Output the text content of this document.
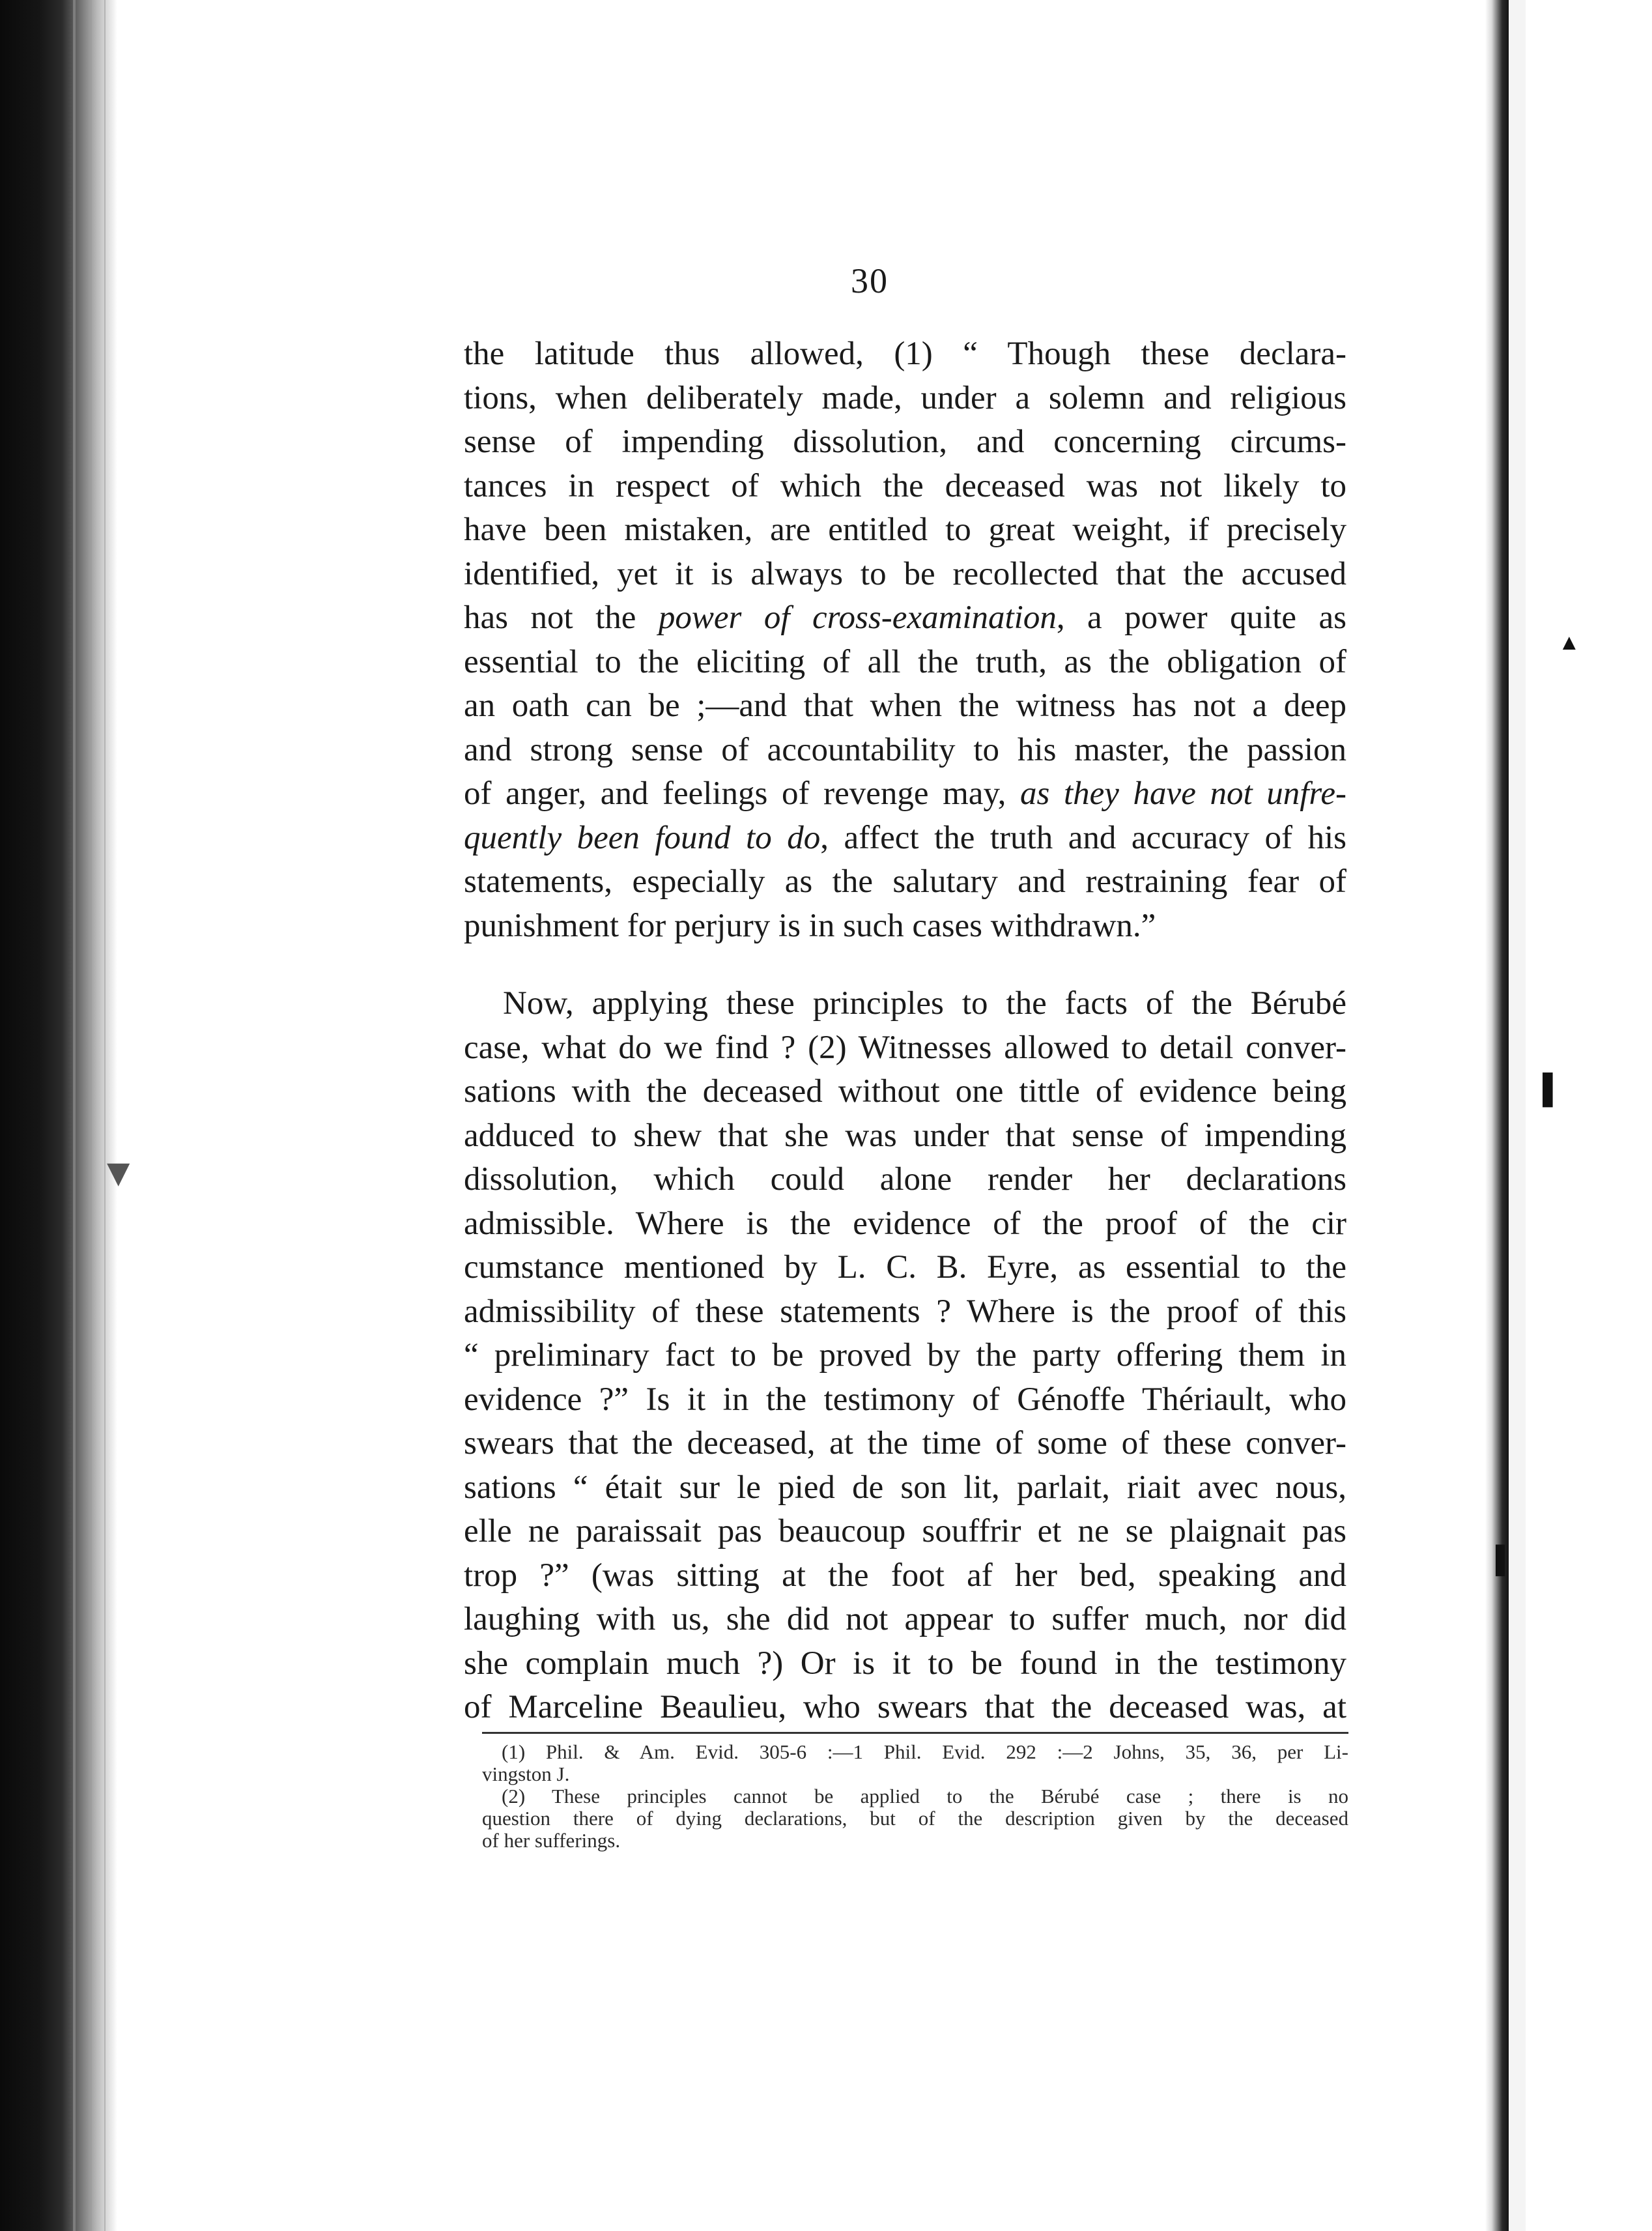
▲
▌
▌
▼
30

the latitude thus allowed, (1) “ Though these declara-
tions, when deliberately made, under a solemn and religious
sense of impending dissolution, and concerning circums-
tances in respect of which the deceased was not likely to
have been mistaken, are entitled to great weight, if precisely
identified, yet it is always to be recollected that the accused
has not the power of cross-examination, a power quite as
essential to the eliciting of all the truth, as the obligation of
an oath can be ;—and that when the witness has not a deep
and strong sense of accountability to his master, the passion
of anger, and feelings of revenge may, as they have not unfre-
quently been found to do, affect the truth and accuracy of his
statements, especially as the salutary and restraining fear of
punishment for perjury is in such cases withdrawn.”

Now, applying these principles to the facts of the Bérubé
case, what do we find ? (2) Witnesses allowed to detail conver-
sations with the deceased without one tittle of evidence being
adduced to shew that she was under that sense of impending
dissolution, which could alone render her declarations
admissible. Where is the evidence of the proof of the cir
cumstance mentioned by L. C. B. Eyre, as essential to the
admissibility of these statements ? Where is the proof of this
“ preliminary fact to be proved by the party offering them in
evidence ?” Is it in the testimony of Génoffe Thériault, who
swears that the deceased, at the time of some of these conver-
sations “ était sur le pied de son lit, parlait, riait avec nous,
elle ne paraissait pas beaucoup souffrir et ne se plaignait pas
trop ?” (was sitting at the foot af her bed, speaking and
laughing with us, she did not appear to suffer much, nor did
she complain much ?) Or is it to be found in the testimony
of Marceline Beaulieu, who swears that the deceased was, at

(1) Phil. & Am. Evid. 305-6 :—1 Phil. Evid. 292 :—2 Johns, 35, 36, per Li-
vingston J.
(2) These principles cannot be applied to the Bérubé case ; there is no
question there of dying declarations, but of the description given by the deceased
of her sufferings.
